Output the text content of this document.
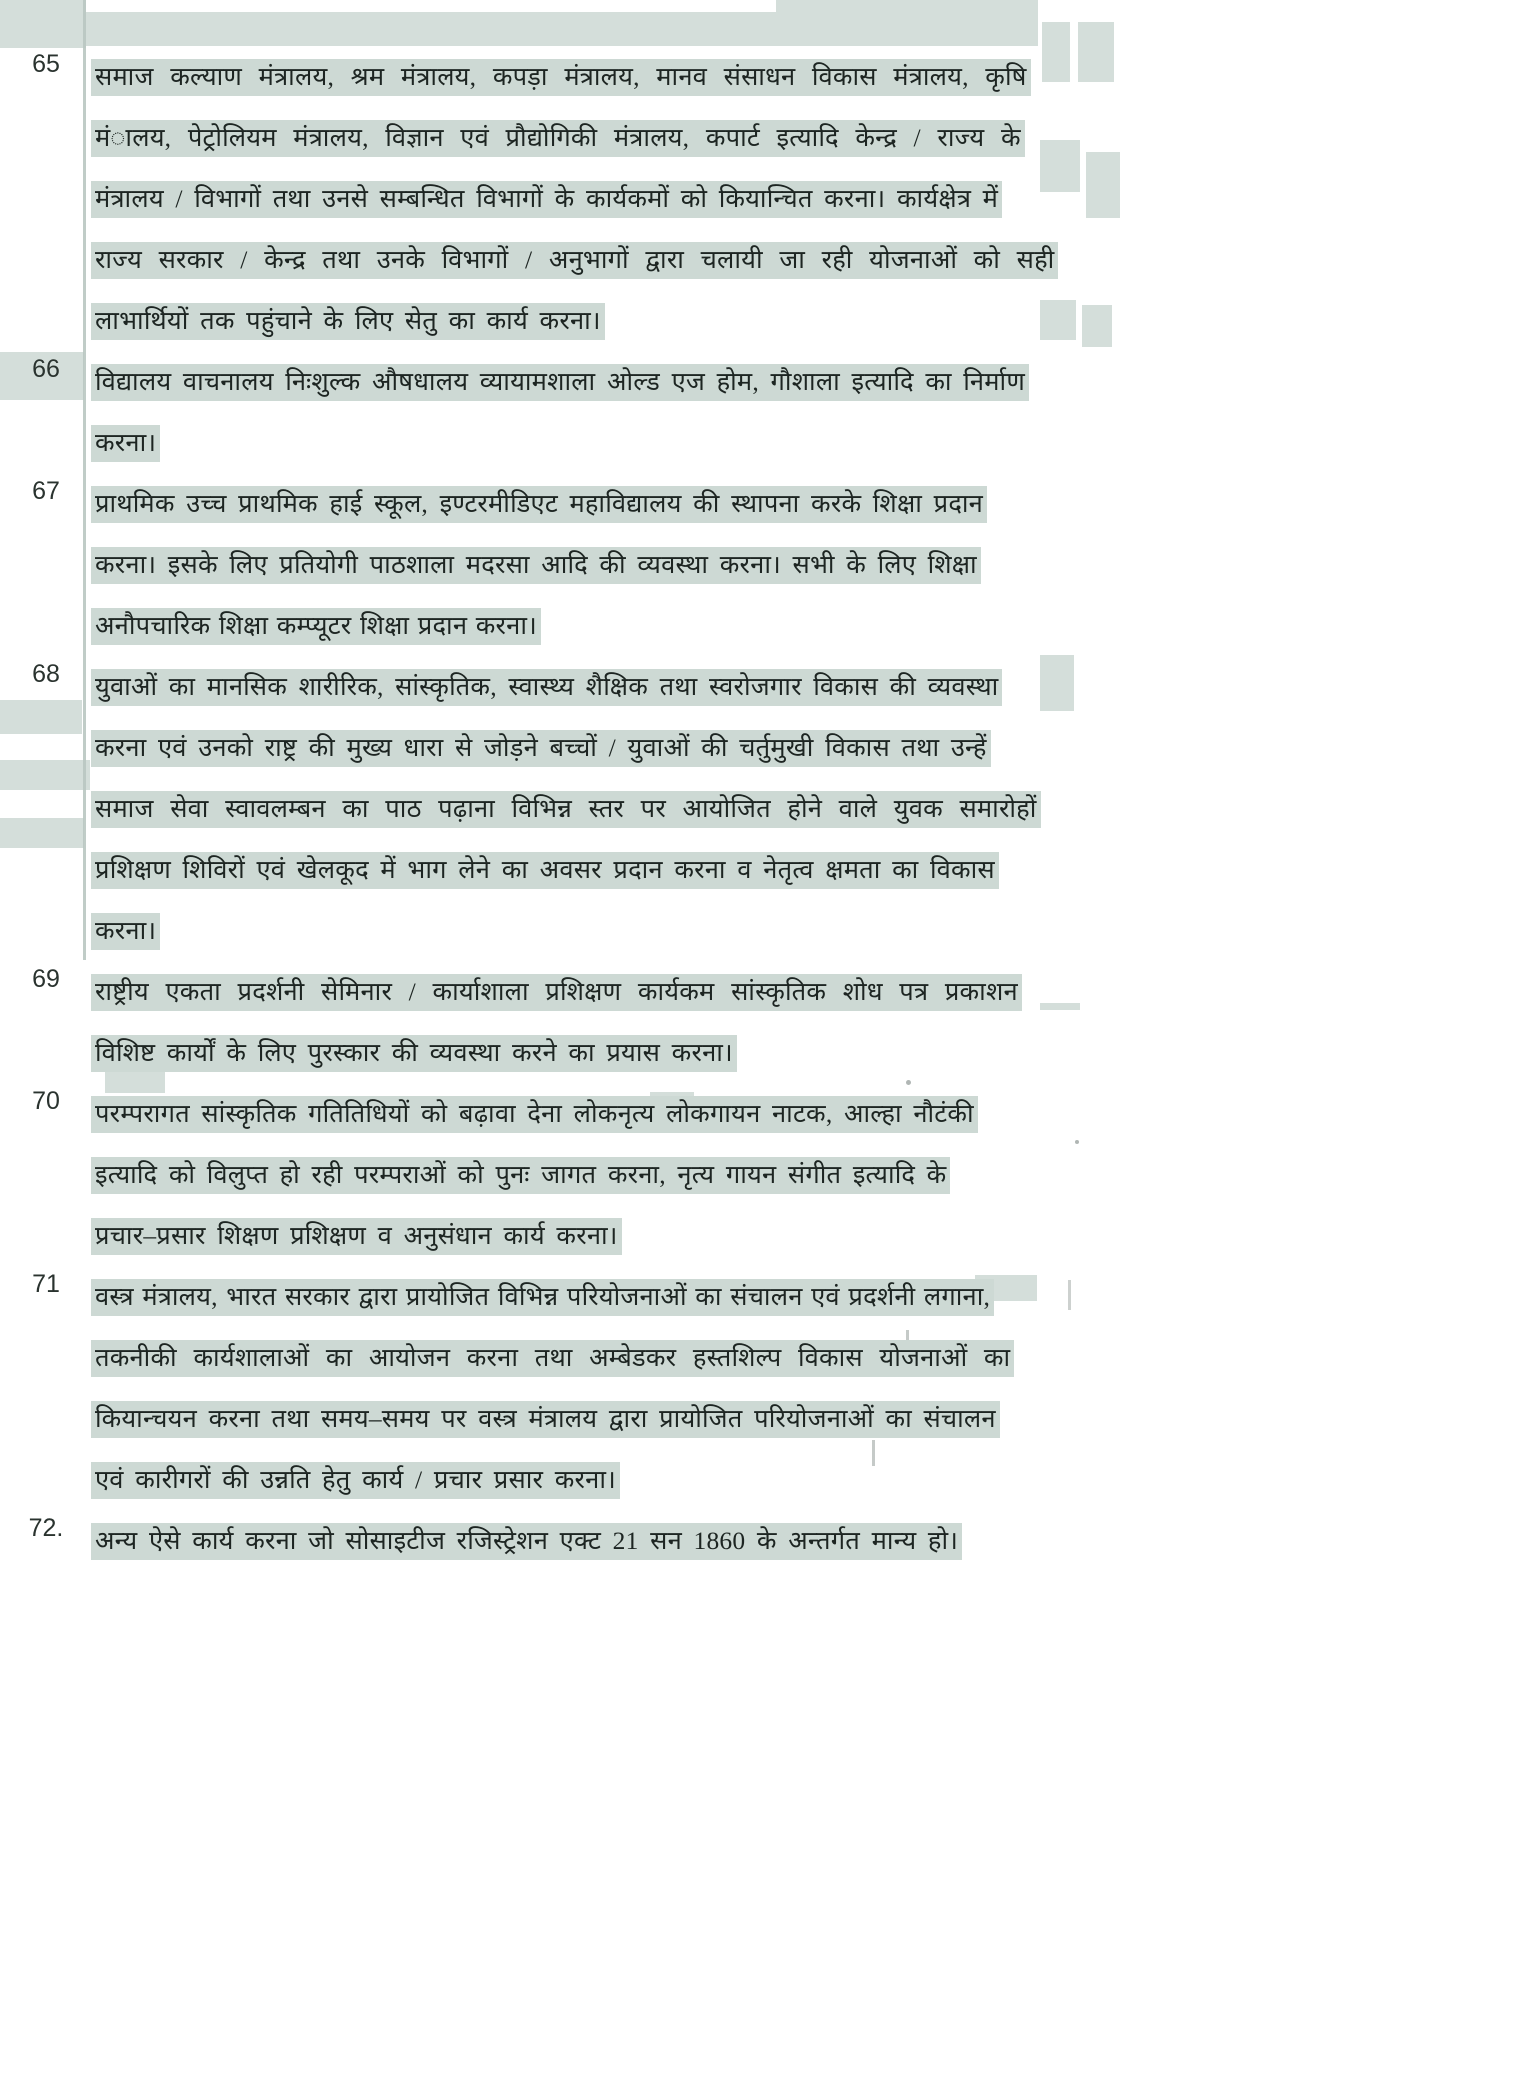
65	समाज कल्याण मंत्रालय, श्रम मंत्रालय, कपड़ा मंत्रालय, मानव संसाधन विकास मंत्रालय, कृषि
मंालय, पेट्रोलियम मंत्रालय, विज्ञान एवं प्रौद्योगिकी मंत्रालय, कपार्ट इत्यादि केन्द्र / राज्य के
मंत्रालय / विभागों तथा उनसे सम्बन्धित विभागों के कार्यकमों को कियान्चित करना। कार्यक्षेत्र में
राज्य सरकार / केन्द्र तथा उनके विभागों / अनुभागों द्वारा चलायी जा रही योजनाओं को सही
लाभार्थियों तक पहुंचाने के लिए सेतु का कार्य करना।
66	विद्यालय वाचनालय निःशुल्क औषधालय व्यायामशाला ओल्ड एज होम, गौशाला इत्यादि का निर्माण
करना।
67	प्राथमिक उच्च प्राथमिक हाई स्कूल, इण्टरमीडिएट महाविद्यालय की स्थापना करके शिक्षा प्रदान
करना। इसके लिए प्रतियोगी पाठशाला मदरसा आदि की व्यवस्था करना। सभी के लिए शिक्षा
अनौपचारिक शिक्षा कम्प्यूटर शिक्षा प्रदान करना।
68	युवाओं का मानसिक शारीरिक, सांस्कृतिक, स्वास्थ्य शैक्षिक तथा स्वरोजगार विकास की व्यवस्था
करना एवं उनको राष्ट्र की मुख्य धारा से जोड़ने बच्चों / युवाओं की चर्तुमुखी विकास तथा उन्हें
समाज सेवा स्वावलम्बन का पाठ पढ़ाना विभिन्न स्तर पर आयोजित होने वाले युवक समारोहों
प्रशिक्षण शिविरों एवं खेलकूद में भाग लेने का अवसर प्रदान करना व नेतृत्व क्षमता का विकास
करना।
69	राष्ट्रीय एकता प्रदर्शनी सेमिनार / कार्याशाला प्रशिक्षण कार्यकम सांस्कृतिक शोध पत्र प्रकाशन
विशिष्ट कार्यों के लिए पुरस्कार की व्यवस्था करने का प्रयास करना।
70	परम्परागत सांस्कृतिक गतितिधियों को बढ़ावा देना लोकनृत्य लोकगायन नाटक, आल्हा नौटंकी
इत्यादि को विलुप्त हो रही परम्पराओं को पुनः जागत करना, नृत्य गायन संगीत इत्यादि के
प्रचार–प्रसार शिक्षण प्रशिक्षण व अनुसंधान कार्य करना।
71	वस्त्र मंत्रालय, भारत सरकार द्वारा प्रायोजित विभिन्न परियोजनाओं का संचालन एवं प्रदर्शनी लगाना,
तकनीकी कार्यशालाओं का आयोजन करना तथा अम्बेडकर हस्तशिल्प विकास योजनाओं का
कियान्चयन करना तथा समय–समय पर वस्त्र मंत्रालय द्वारा प्रायोजित परियोजनाओं का संचालन
एवं कारीगरों की उन्नति हेतु कार्य / प्रचार प्रसार करना।
72.	अन्य ऐसे कार्य करना जो सोसाइटीज रजिस्ट्रेशन एक्ट 21 सन 1860 के अन्तर्गत मान्य हो।
